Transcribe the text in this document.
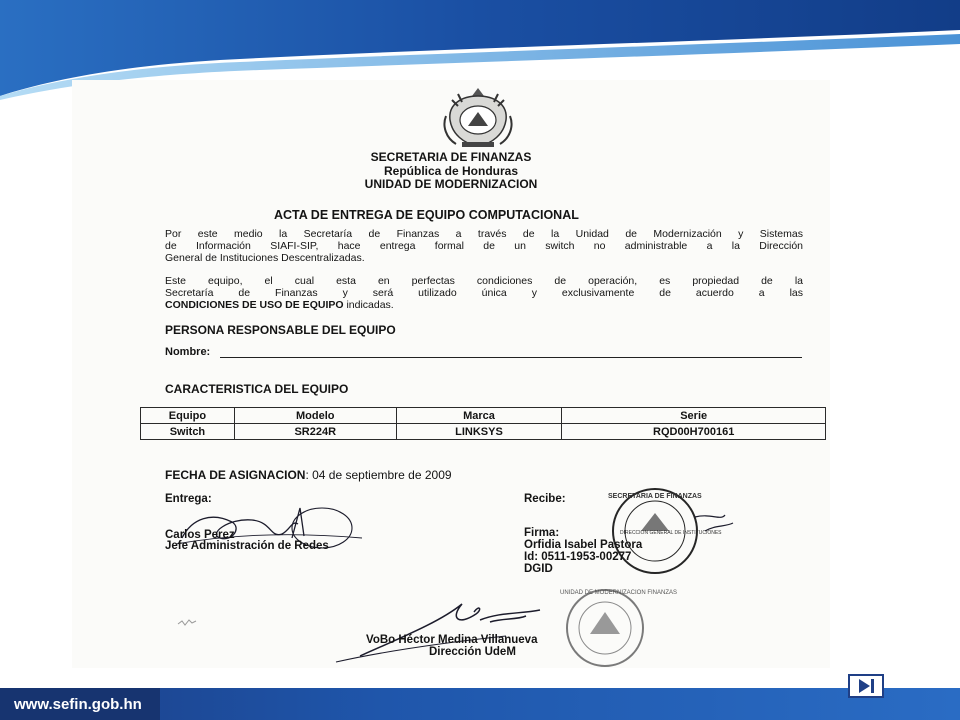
SECRETARIA DE FINANZAS
República de Honduras
UNIDAD DE MODERNIZACION
ACTA DE ENTREGA DE EQUIPO COMPUTACIONAL
Por este medio la Secretaría de Finanzas a través de la Unidad de Modernización y Sistemas
de Información SIAFI-SIP, hace entrega formal de un switch no administrable a la Dirección
General de Instituciones Descentralizadas.
Este equipo, el cual esta en perfectas condiciones de operación, es propiedad de la
Secretaría de Finanzas y será utilizado única y exclusivamente de acuerdo a las
CONDICIONES DE USO DE EQUIPO indicadas.
PERSONA RESPONSABLE DEL EQUIPO
Nombre:
CARACTERISTICA DEL EQUIPO
Equipo	Modelo	Marca	Serie
Switch	SR224R	LINKSYS	RQD00H700161
FECHA DE ASIGNACION: 04 de septiembre de 2009
Entrega:	Recibe:
Carlos Perez
Jefe Administración de Redes
SECRETARIA DE FINANZAS
DIRECCION GENERAL DE INSTITUCIONES
Firma:
Orfidia Isabel Pastora
Id: 0511-1953-00277
DGID
UNIDAD DE MODERNIZACION FINANZAS
VoBo Héctor Medina Villanueva
Dirección UdeM
www.sefin.gob.hn
